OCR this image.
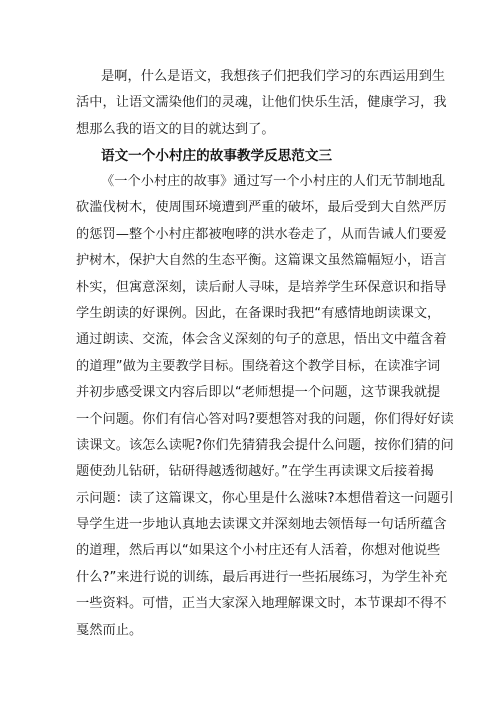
是啊，什么是语文，我想孩子们把我们学习的东西运用到生
活中，让语文濡染他们的灵魂，让他们快乐生活，健康学习，我
想那么我的语文的目的就达到了。
语文一个小村庄的故事教学反思范文三
《一个小村庄的故事》通过写一个小村庄的人们无节制地乱
砍滥伐树木，使周围环境遭到严重的破坏，最后受到大自然严厉
的惩罚—整个小村庄都被咆哮的洪水卷走了，从而告诫人们要爱
护树木，保护大自然的生态平衡。这篇课文虽然篇幅短小，语言
朴实，但寓意深刻，读后耐人寻味，是培养学生环保意识和指导
学生朗读的好课例。因此，在备课时我把“有感情地朗读课文，
通过朗读、交流，体会含义深刻的句子的意思，悟出文中蕴含着
的道理”做为主要教学目标。围绕着这个教学目标，在读准字词
并初步感受课文内容后即以“老师想提一个问题，这节课我就提
一个问题。你们有信心答对吗?要想答对我的问题，你们得好好读
读课文。该怎么读呢?你们先猜猜我会提什么问题，按你们猜的问
题使劲儿钻研，钻研得越透彻越好。”在学生再读课文后接着揭
示问题：读了这篇课文，你心里是什么滋味?本想借着这一问题引
导学生进一步地认真地去读课文并深刻地去领悟每一句话所蕴含
的道理，然后再以“如果这个小村庄还有人活着，你想对他说些
什么?”来进行说的训练，最后再进行一些拓展练习，为学生补充
一些资料。可惜，正当大家深入地理解课文时，本节课却不得不
戛然而止。
